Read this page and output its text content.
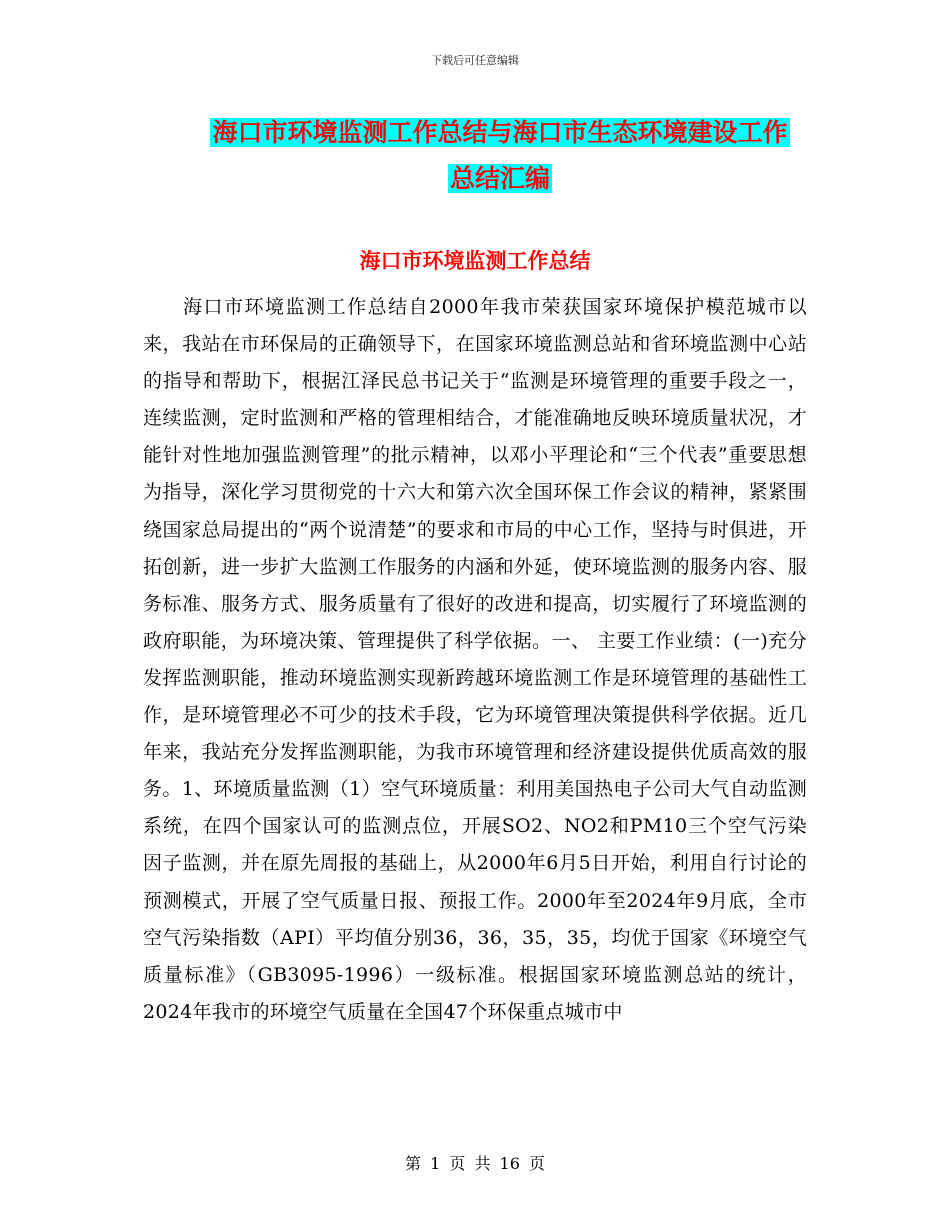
下载后可任意编辑
海口市环境监测工作总结与海口市生态环境建设工作
总结汇编
海口市环境监测工作总结

海口市环境监测工作总结自2000年我市荣获国家环境保护模范城市以来，我站在市环保局的正确领导下，在国家环境监测总站和省环境监测中心站的指导和帮助下，根据江泽民总书记关于“监测是环境管理的重要手段之一，连续监测，定时监测和严格的管理相结合，才能准确地反映环境质量状况，才能针对性地加强监测管理”的批示精神，以邓小平理论和“三个代表”重要思想为指导，深化学习贯彻党的十六大和第六次全国环保工作会议的精神，紧紧围绕国家总局提出的“两个说清楚”的要求和市局的中心工作，坚持与时俱进，开拓创新，进一步扩大监测工作服务的内涵和外延，使环境监测的服务内容、服务标准、服务方式、服务质量有了很好的改进和提高，切实履行了环境监测的政府职能，为环境决策、管理提供了科学依据。一、 主要工作业绩：(一)充分发挥监测职能，推动环境监测实现新跨越环境监测工作是环境管理的基础性工作，是环境管理必不可少的技术手段，它为环境管理决策提供科学依据。近几年来，我站充分发挥监测职能，为我市环境管理和经济建设提供优质高效的服务。1、环境质量监测（1）空气环境质量：利用美国热电子公司大气自动监测系统，在四个国家认可的监测点位，开展SO2、NO2和PM10三个空气污染因子监测，并在原先周报的基础上，从2000年6月5日开始，利用自行讨论的预测模式，开展了空气质量日报、预报工作。2000年至2024年9月底，全市空气污染指数（API）平均值分别36，36，35，35，均优于国家《环境空气质量标准》（GB3095-1996）一级标准。根据国家环境监测总站的统计，2024年我市的环境空气质量在全国47个环保重点城市中

第 1 页 共 16 页
